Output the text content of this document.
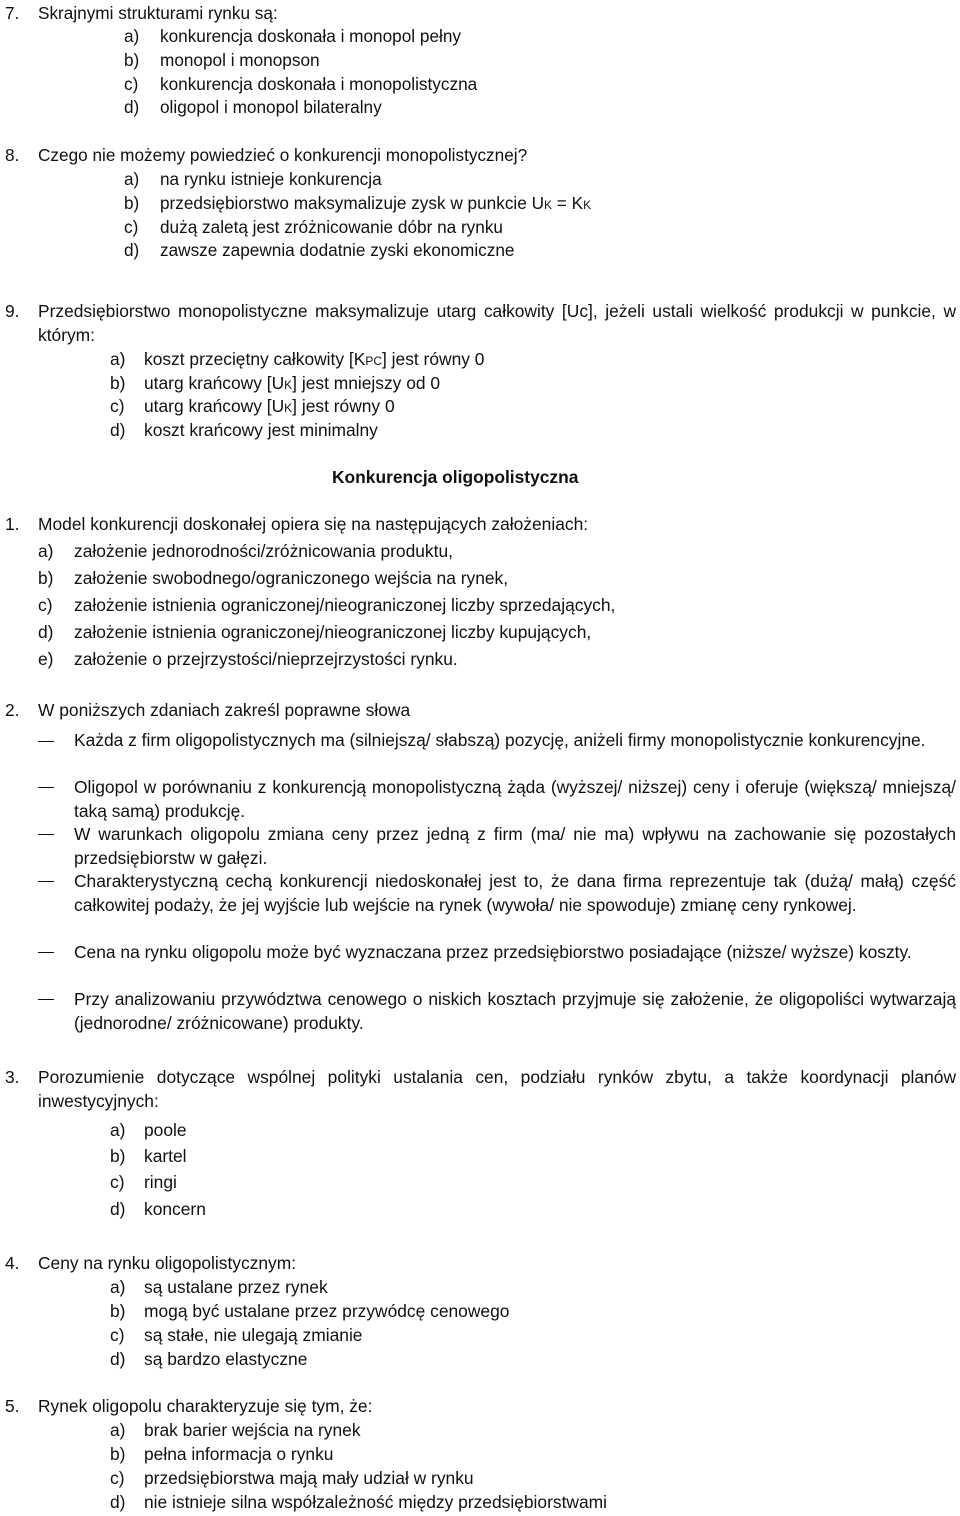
7. Skrajnymi strukturami rynku są:
a) konkurencja doskonała i monopol pełny
b) monopol i monopson
c) konkurencja doskonała i monopolistyczna
d) oligopol i monopol bilateralny
8. Czego nie możemy powiedzieć o konkurencji monopolistycznej?
a) na rynku istnieje konkurencja
b) przedsiębiorstwo maksymalizuje zysk w punkcie UK = KK
c) dużą zaletą jest zróżnicowanie dóbr na rynku
d) zawsze zapewnia dodatnie zyski ekonomiczne
9. Przedsiębiorstwo monopolistyczne maksymalizuje utarg całkowity [Uc], jeżeli ustali wielkość produkcji w punkcie, w którym:
a) koszt przeciętny całkowity [KPC] jest równy 0
b) utarg krańcowy [UK] jest mniejszy od 0
c) utarg krańcowy [UK] jest równy 0
d) koszt krańcowy jest minimalny
Konkurencja oligopolistyczna
1. Model konkurencji doskonałej opiera się na następujących założeniach:
a) założenie jednorodności/zróżnicowania produktu,
b) założenie swobodnego/ograniczonego wejścia na rynek,
c) założenie istnienia ograniczonej/nieograniczonej liczby sprzedających,
d) założenie istnienia ograniczonej/nieograniczonej liczby kupujących,
e) założenie o przejrzystości/nieprzejrzystości rynku.
2. W poniższych zdaniach zakreśl poprawne słowa
Każda z firm oligopolistycznych ma (silniejszą/ słabszą) pozycję, aniżeli firmy monopolistycznie konkurencyjne.
Oligopol w porównaniu z konkurencją monopolistyczną żąda (wyższej/ niższej) ceny i oferuje (większą/ mniejszą/ taką samą) produkcję.
W warunkach oligopolu zmiana ceny przez jedną z firm (ma/ nie ma) wpływu na zachowanie się pozostałych przedsiębiorstw w gałęzi.
Charakterystyczną cechą konkurencji niedoskonałej jest to, że dana firma reprezentuje tak (dużą/ małą) część całkowitej podaży, że jej wyjście lub wejście na rynek (wywoła/ nie spowoduje) zmianę ceny rynkowej.
Cena na rynku oligopolu może być wyznaczana przez przedsiębiorstwo posiadające (niższe/ wyższe) koszty.
Przy analizowaniu przywództwa cenowego o niskich kosztach przyjmuje się założenie, że oligopoliści wytwarzają (jednorodne/ zróżnicowane) produkty.
3. Porozumienie dotyczące wspólnej polityki ustalania cen, podziału rynków zbytu, a także koordynacji planów inwestycyjnych:
a) poole
b) kartel
c) ringi
d) koncern
4. Ceny na rynku oligopolistycznym:
a) są ustalane przez rynek
b) mogą być ustalane przez przywódcę cenowego
c) są stałe, nie ulegają zmianie
d) są bardzo elastyczne
5. Rynek oligopolu charakteryzuje się tym, że:
a) brak barier wejścia na rynek
b) pełna informacja o rynku
c) przedsiębiorstwa mają mały udział w rynku
d) nie istnieje silna współzależność między przedsiębiorstwami
